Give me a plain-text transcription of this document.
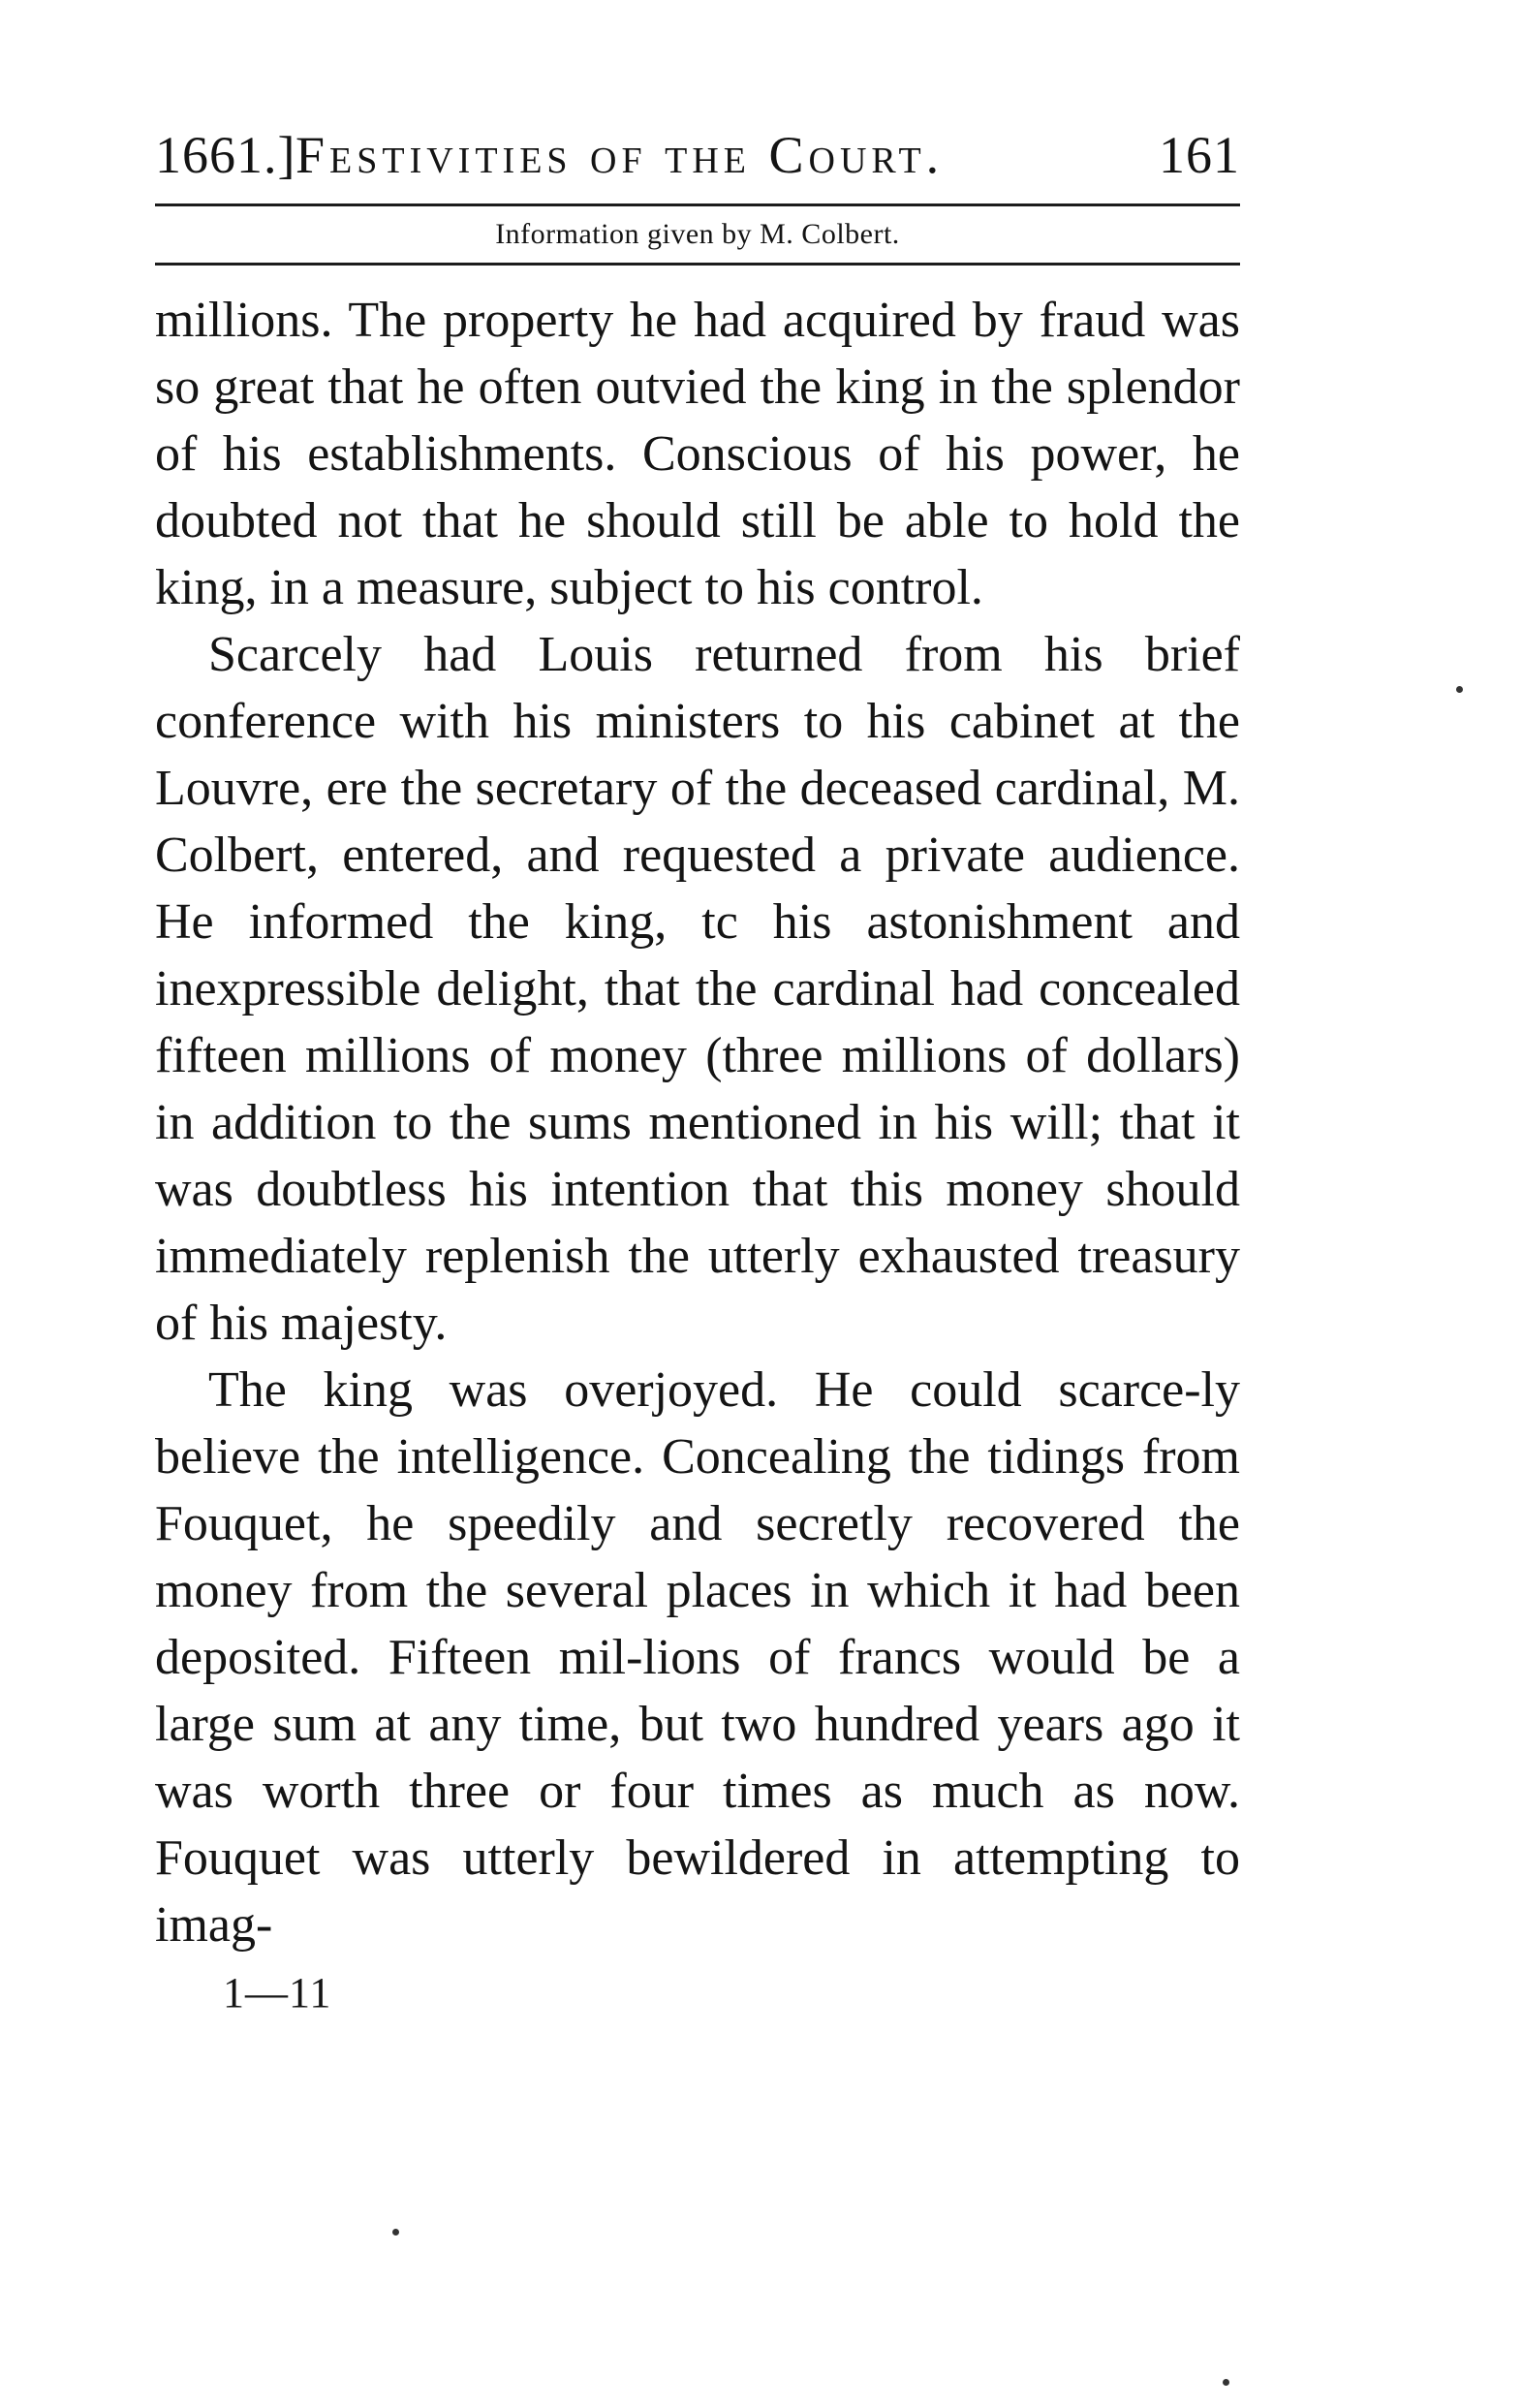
1661.] Festivities of the Court.	161
Information given by M. Colbert.

millions. The property he had acquired by fraud was so great that he often outvied the king in the splendor of his establishments. Conscious of his power, he doubted not that he should still be able to hold the king, in a measure, subject to his control.

Scarcely had Louis returned from his brief conference with his ministers to his cabinet at the Louvre, ere the secretary of the deceased cardinal, M. Colbert, entered, and requested a private audience. He informed the king, tc his astonishment and inexpressible delight, that the cardinal had concealed fifteen millions of money (three millions of dollars) in addition to the sums mentioned in his will; that it was doubtless his intention that this money should immediately replenish the utterly exhausted treasury of his majesty.

The king was overjoyed. He could scarce-ly believe the intelligence. Concealing the tidings from Fouquet, he speedily and secretly recovered the money from the several places in which it had been deposited. Fifteen mil-lions of francs would be a large sum at any time, but two hundred years ago it was worth three or four times as much as now. Fouquet was utterly bewildered in attempting to imag-

1—11
